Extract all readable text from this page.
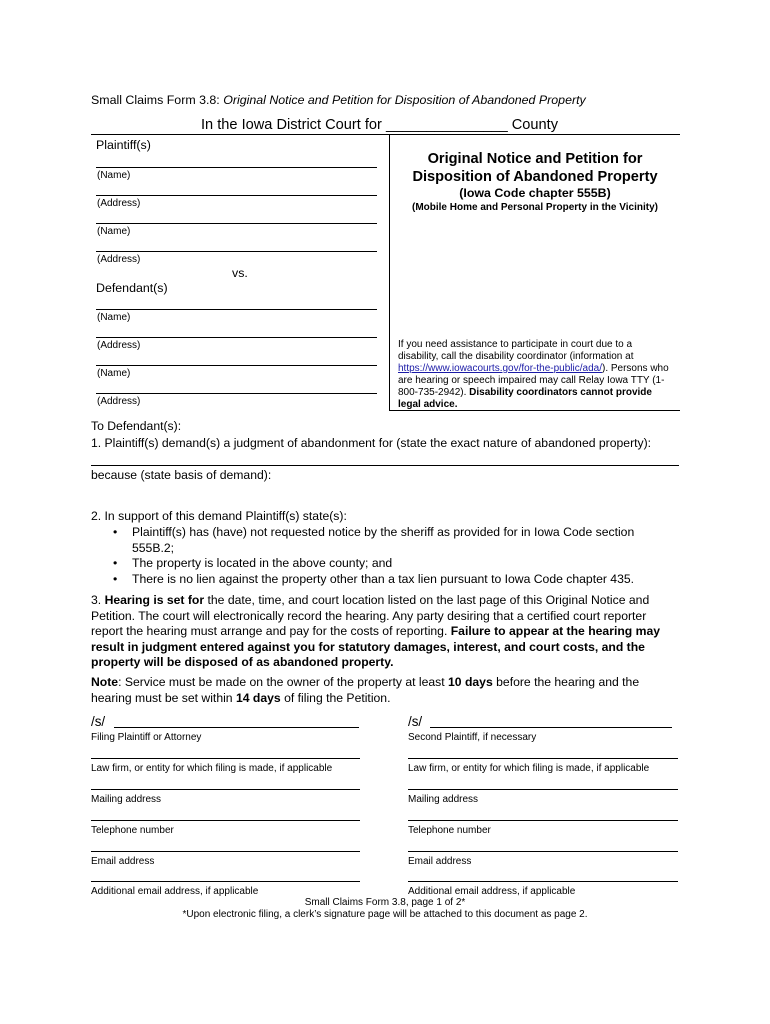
Small Claims Form 3.8: Original Notice and Petition for Disposition of Abandoned Property
In the Iowa District Court for _______________ County
Plaintiff(s)
(Name)
(Address)
(Name)
(Address)
vs.
Defendant(s)
(Name)
(Address)
(Name)
(Address)
Original Notice and Petition for
Disposition of Abandoned Property
(Iowa Code chapter 555B)
(Mobile Home and Personal Property in the Vicinity)
If you need assistance to participate in court due to a disability, call the disability coordinator (information at https://www.iowacourts.gov/for-the-public/ada/). Persons who are hearing or speech impaired may call Relay Iowa TTY (1-800-735-2942). Disability coordinators cannot provide legal advice.
To Defendant(s):
1. Plaintiff(s) demand(s) a judgment of abandonment for (state the exact nature of abandoned property):
because (state basis of demand):
2. In support of this demand Plaintiff(s) state(s):
• Plaintiff(s) has (have) not requested notice by the sheriff as provided for in Iowa Code section 555B.2;
• The property is located in the above county; and
• There is no lien against the property other than a tax lien pursuant to Iowa Code chapter 435.
3. Hearing is set for the date, time, and court location listed on the last page of this Original Notice and Petition. The court will electronically record the hearing. Any party desiring that a certified court reporter report the hearing must arrange and pay for the costs of reporting. Failure to appear at the hearing may result in judgment entered against you for statutory damages, interest, and court costs, and the property will be disposed of as abandoned property.
Note: Service must be made on the owner of the property at least 10 days before the hearing and the hearing must be set within 14 days of filing the Petition.
/s/
Filing Plaintiff or Attorney
Law firm, or entity for which filing is made, if applicable
Mailing address
Telephone number
Email address
Additional email address, if applicable
/s/
Second Plaintiff, if necessary
Law firm, or entity for which filing is made, if applicable
Mailing address
Telephone number
Email address
Additional email address, if applicable
Small Claims Form 3.8, page 1 of 2*
*Upon electronic filing, a clerk’s signature page will be attached to this document as page 2.
